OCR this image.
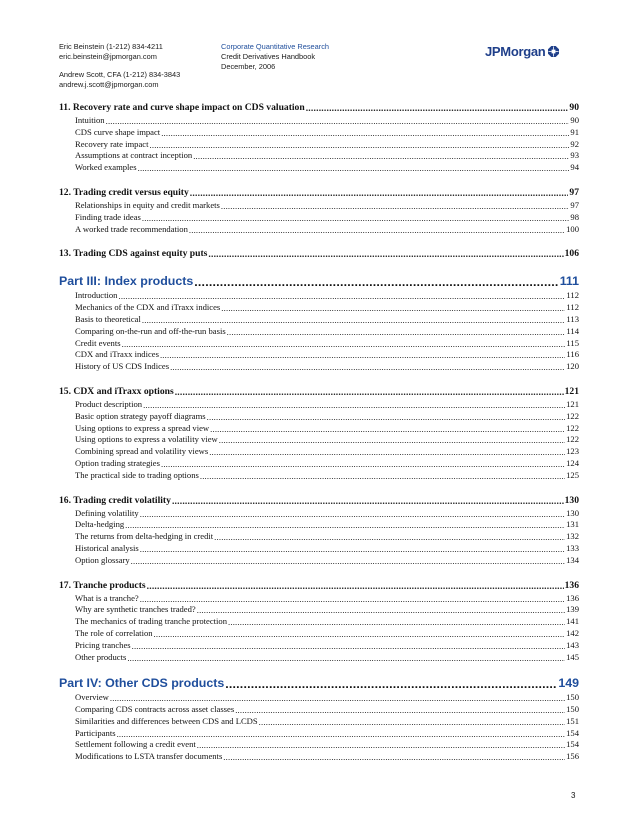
Eric Beinstein (1-212) 834-4211
eric.beinstein@jpmorgan.com
Andrew Scott, CFA (1-212) 834-3843
andrew.j.scott@jpmorgan.com
Corporate Quantitative Research
Credit Derivatives Handbook
December, 2006
JPMorgan
11. Recovery rate and curve shape impact on CDS valuation .....	90
Intuition .....	90
CDS curve shape impact .....	91
Recovery rate impact .....	92
Assumptions at contract inception .....	93
Worked examples .....	94
12. Trading credit versus equity .....	97
Relationships in equity and credit markets .....	97
Finding trade ideas .....	98
A worked trade recommendation .....	100
13. Trading CDS against equity puts .....	106
Part III: Index products .....	111
Introduction .....	112
Mechanics of the CDX and iTraxx indices .....	112
Basis to theoretical .....	113
Comparing on-the-run and off-the-run basis .....	114
Credit events .....	115
CDX and iTraxx indices .....	116
History of US CDS Indices .....	120
15. CDX and iTraxx options .....	121
Product description .....	121
Basic option strategy payoff diagrams .....	122
Using options to express a spread view .....	122
Using options to express a volatility view .....	122
Combining spread and volatility views .....	123
Option trading strategies .....	124
The practical side to trading options .....	125
16. Trading credit volatility .....	130
Defining volatility .....	130
Delta-hedging .....	131
The returns from delta-hedging in credit .....	132
Historical analysis .....	133
Option glossary .....	134
17. Tranche products .....	136
What is a tranche? .....	136
Why are synthetic tranches traded? .....	139
The mechanics of trading tranche protection .....	141
The role of correlation .....	142
Pricing tranches .....	143
Other products .....	145
Part IV: Other CDS products .....	149
Overview .....	150
Comparing CDS contracts across asset classes .....	150
Similarities and differences between CDS and LCDS .....	151
Participants .....	154
Settlement following a credit event .....	154
Modifications to LSTA transfer documents .....	156
3
